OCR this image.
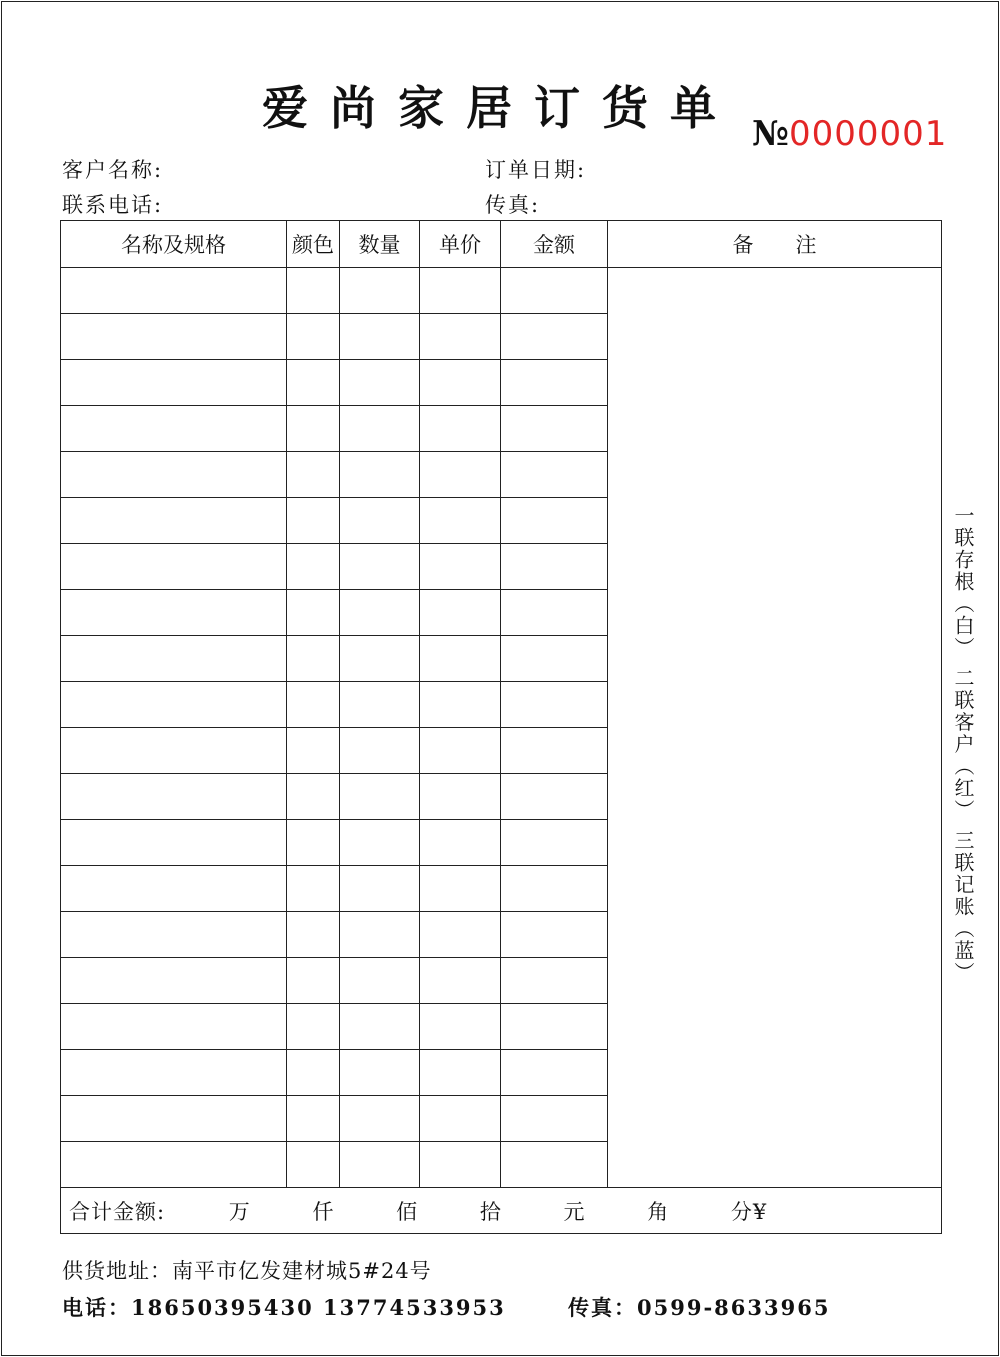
爱尚家居订货单 №0000001
客户名称:	订单日期:
联系电话:	传真:
名称及规格	颜色	数量	单价	金额	备　　注

合计金额: 万 仟 佰 拾 元 角 分¥					
一联存根（白） 二联客户（红） 三联记账（蓝）
供货地址：南平市亿发建材城5#24号
电话：18650395430 13774533953	传真：0599-8633965
